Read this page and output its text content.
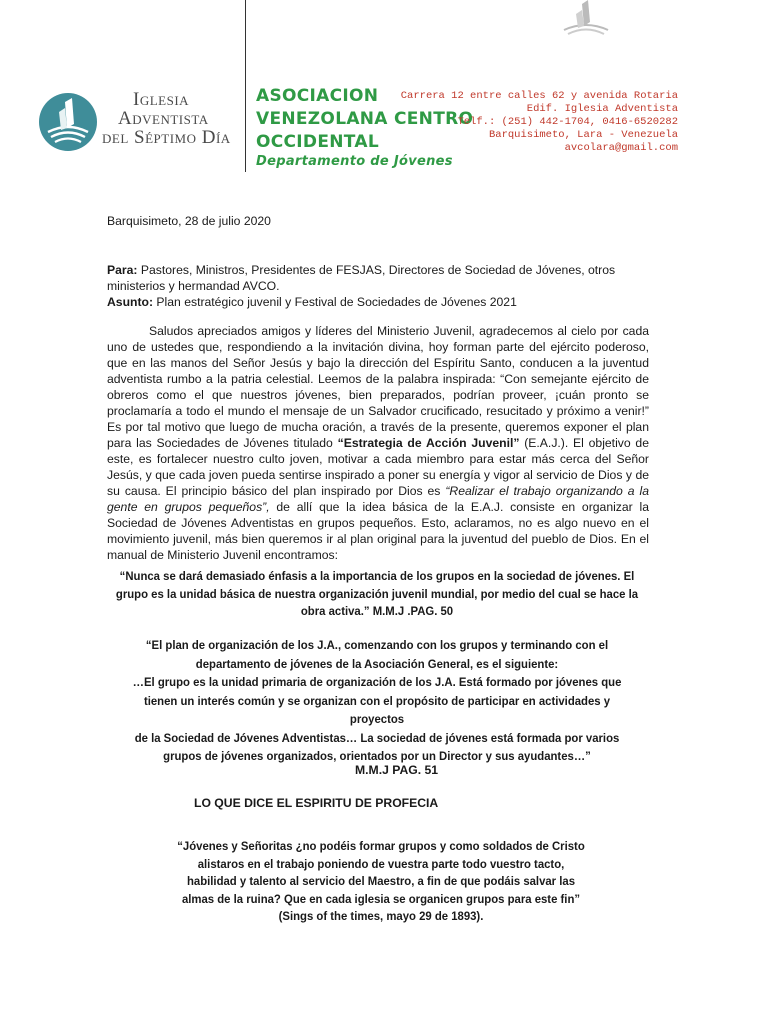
Iglesia
Adventista
del Séptimo Día
ASOCIACION
VENEZOLANA CENTRO
OCCIDENTAL
Departamento de Jóvenes
Carrera 12 entre calles 62 y avenida Rotaria
Edif. Iglesia Adventista
Telf.: (251) 442-1704, 0416-6520282
Barquisimeto, Lara - Venezuela
avcolara@gmail.com
Barquisimeto, 28 de julio 2020
Para: Pastores, Ministros, Presidentes de FESJAS, Directores de Sociedad de Jóvenes, otros ministerios y hermandad AVCO.
Asunto: Plan estratégico juvenil y Festival de Sociedades de Jóvenes 2021

Saludos apreciados amigos y líderes del Ministerio Juvenil, agradecemos al cielo por cada uno de ustedes que, respondiendo a la invitación divina, hoy forman parte del ejército poderoso, que en las manos del Señor Jesús y bajo la dirección del Espíritu Santo, conducen a la juventud adventista rumbo a la patria celestial. Leemos de la palabra inspirada: “Con semejante ejército de obreros como el que nuestros jóvenes, bien preparados, podrían proveer, ¡cuán pronto se proclamaría a todo el mundo el mensaje de un Salvador crucificado, resucitado y próximo a venir!” Es por tal motivo que luego de mucha oración, a través de la presente, queremos exponer el plan para las Sociedades de Jóvenes titulado “Estrategia de Acción Juvenil” (E.A.J.). El objetivo de este, es fortalecer nuestro culto joven, motivar a cada miembro para estar más cerca del Señor Jesús, y que cada joven pueda sentirse inspirado a poner su energía y vigor al servicio de Dios y de su causa. El principio básico del plan inspirado por Dios es “Realizar el trabajo organizando a la gente en grupos pequeños”, de allí que la idea básica de la E.A.J. consiste en organizar la Sociedad de Jóvenes Adventistas en grupos pequeños. Esto, aclaramos, no es algo nuevo en el movimiento juvenil, más bien queremos ir al plan original para la juventud del pueblo de Dios. En el manual de Ministerio Juvenil encontramos:

“Nunca se dará demasiado énfasis a la importancia de los grupos en la sociedad de jóvenes. El grupo es la unidad básica de nuestra organización juvenil mundial, por medio del cual se hace la obra activa.” M.M.J .PAG. 50
“El plan de organización de los J.A., comenzando con los grupos y terminando con el
departamento de jóvenes de la Asociación General, es el siguiente:
…El grupo es la unidad primaria de organización de los J.A. Está formado por jóvenes que
tienen un interés común y se organizan con el propósito de participar en actividades y proyectos
de la Sociedad de Jóvenes Adventistas… La sociedad de jóvenes está formada por varios
grupos de jóvenes organizados, orientados por un Director y sus ayudantes…”
M.M.J PAG. 51
LO QUE DICE EL ESPIRITU DE PROFECIA
“Jóvenes y Señoritas ¿no podéis formar grupos y como soldados de Cristo
alistaros en el trabajo poniendo de vuestra parte todo vuestro tacto,
habilidad y talento al servicio del Maestro, a fin de que podáis salvar las
almas de la ruina? Que en cada iglesia se organicen grupos para este fin”
(Sings of the times, mayo 29 de 1893).
